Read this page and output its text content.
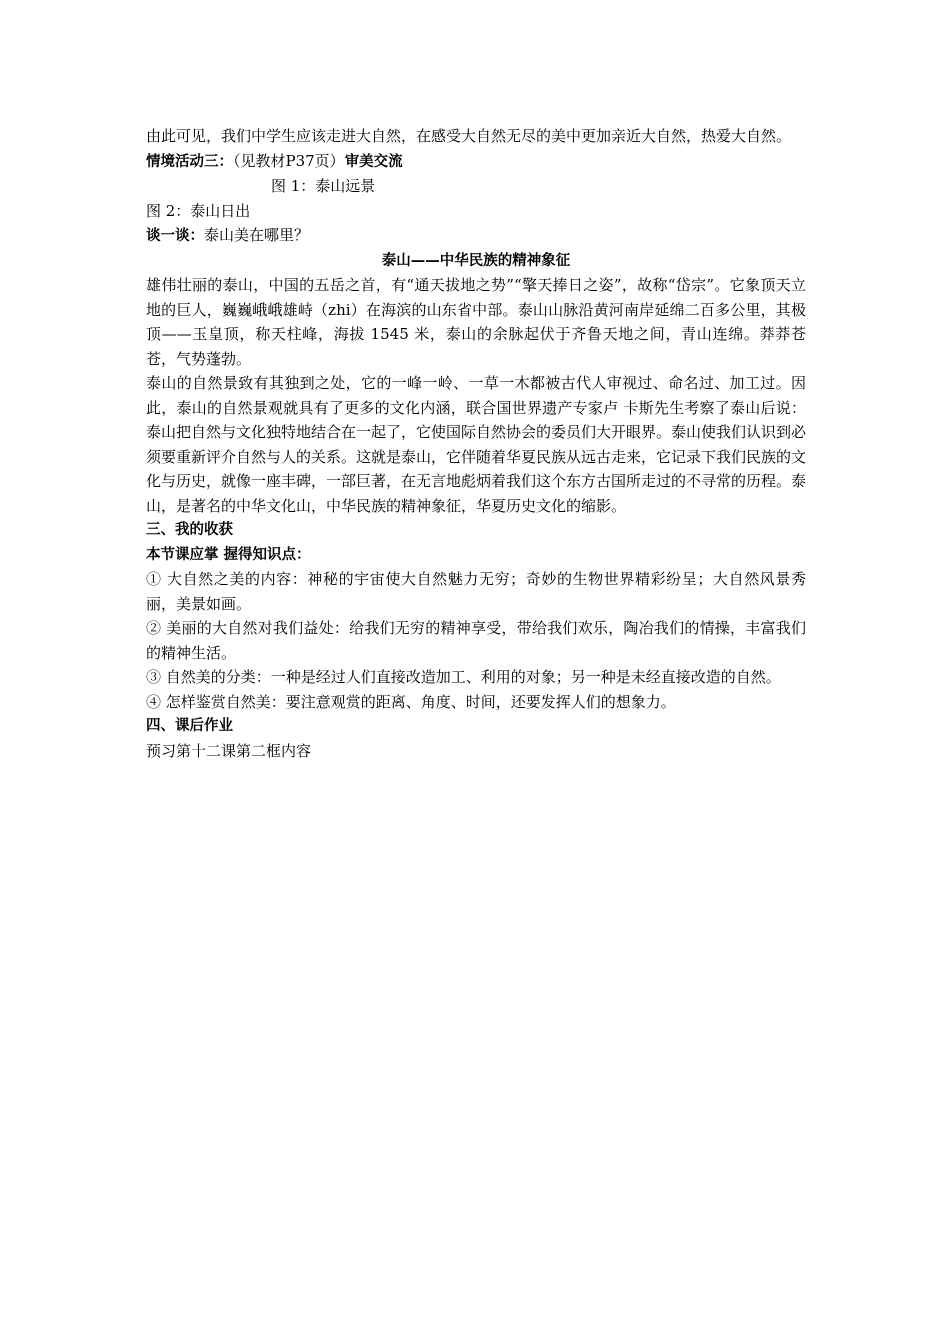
由此可见，我们中学生应该走进大自然，在感受大自然无尽的美中更加亲近大自然，热爱大自然。

情境活动三：（见教材P37页）审美交流

图 1：泰山远景

图 2：泰山日出

谈一谈：泰山美在哪里？

泰山——中华民族的精神象征

雄伟壮丽的泰山，中国的五岳之首，有“通天拔地之势”“擎天捧日之姿”，故称“岱宗”。它象顶天立地的巨人，巍巍峨峨雄峙（zhi）在海滨的山东省中部。泰山山脉沿黄河南岸延绵二百多公里，其极顶——玉皇顶，称天柱峰，海拔 1545 米，泰山的余脉起伏于齐鲁天地之间，青山连绵。莽莽苍苍，气势蓬勃。

泰山的自然景致有其独到之处，它的一峰一岭、一草一木都被古代人审视过、命名过、加工过。因此，泰山的自然景观就具有了更多的文化内涵，联合国世界遗产专家卢 卡斯先生考察了泰山后说：泰山把自然与文化独特地结合在一起了，它使国际自然协会的委员们大开眼界。泰山使我们认识到必须要重新评介自然与人的关系。这就是泰山，它伴随着华夏民族从远古走来，它记录下我们民族的文化与历史，就像一座丰碑，一部巨著，在无言地彪炳着我们这个东方古国所走过的不寻常的历程。泰山，是著名的中华文化山，中华民族的精神象征，华夏历史文化的缩影。

三、我的收获

本节课应掌 握得知识点：

① 大自然之美的内容：神秘的宇宙使大自然魅力无穷；奇妙的生物世界精彩纷呈；大自然风景秀丽，美景如画。

② 美丽的大自然对我们益处：给我们无穷的精神享受，带给我们欢乐，陶冶我们的情操，丰富我们的精神生活。

③ 自然美的分类：一种是经过人们直接改造加工、利用的对象；另一种是未经直接改造的自然。

④ 怎样鉴赏自然美：要注意观赏的距离、角度、时间，还要发挥人们的想象力。

四、课后作业

预习第十二课第二框内容
